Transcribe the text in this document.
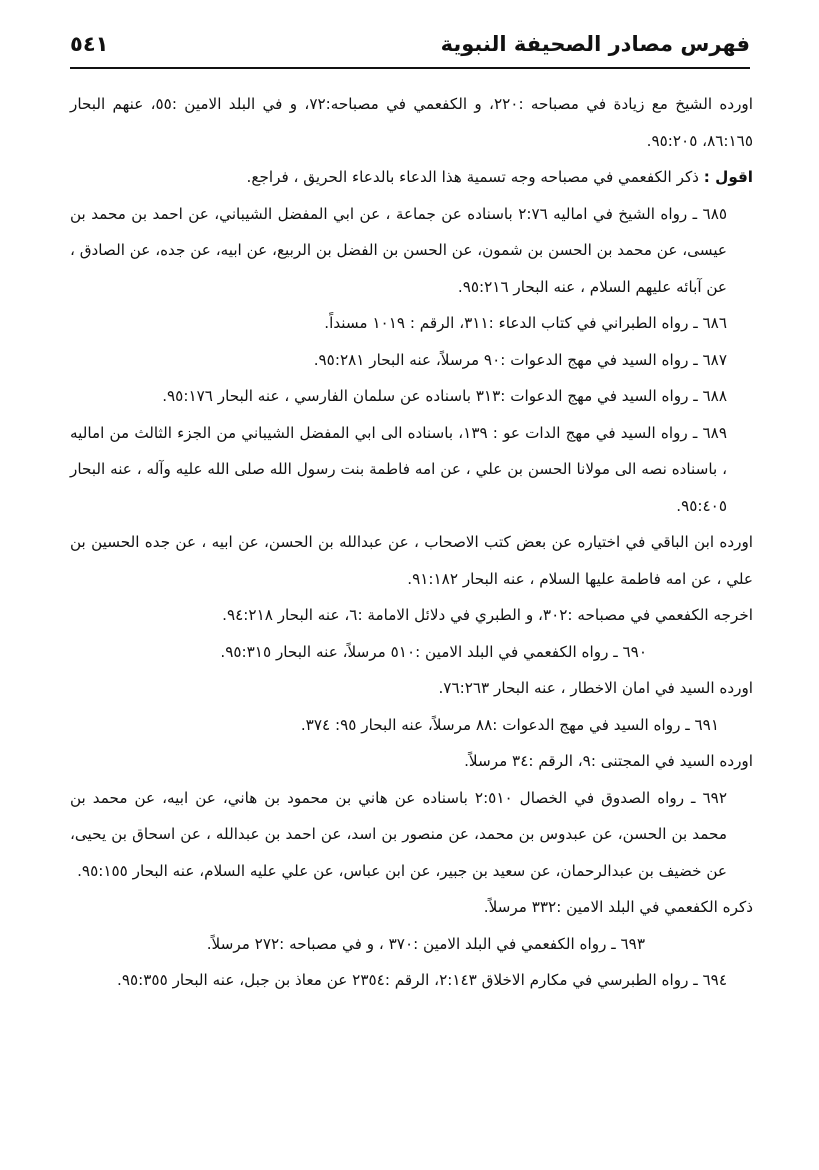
فهرس مصادر الصحيفة النبوية
٥٤١

اورده الشيخ مع زيادة في مصباحه :٢٢٠، و الكفعمي في مصباحه:٧٢، و في البلد الامين :٥٥، عنهم البحار ٨٦:١٦٥، ٩٥:٢٠٥.

اقول : ذكر الكفعمي في مصباحه وجه تسمية هذا الدعاء بالدعاء الحريق ، فراجع.

٦٨٥ ـ رواه الشيخ في اماليه ٢:٧٦ باسناده عن جماعة ، عن ابي المفضل الشيباني، عن احمد بن محمد بن عيسى، عن محمد بن الحسن بن شمون، عن الحسن بن الفضل بن الربيع، عن ابيه، عن جده، عن الصادق ، عن آبائه عليهم السلام ، عنه البحار ٩٥:٢١٦.

٦٨٦ ـ رواه الطبراني في كتاب الدعاء :٣١١، الرقم : ١٠١٩ مسنداً.

٦٨٧ ـ رواه السيد في مهج الدعوات :٩٠ مرسلاً، عنه البحار ٩٥:٢٨١.

٦٨٨ ـ رواه السيد في مهج الدعوات :٣١٣ باسناده عن سلمان الفارسي ، عنه البحار ٩٥:١٧٦.

٦٨٩ ـ رواه السيد في مهج الدات عو : ١٣٩، باسناده الى ابي المفضل الشيباني من الجزء الثالث من اماليه ، باسناده نصه الى مولانا الحسن بن علي ، عن امه فاطمة بنت رسول الله صلى الله عليه وآله ، عنه البحار ٩٥:٤٠٥.

اورده ابن الباقي في اختياره عن بعض كتب الاصحاب ، عن عبدالله بن الحسن، عن ابيه ، عن جده الحسين بن علي ، عن امه فاطمة عليها السلام ، عنه البحار ٩١:١٨٢.

اخرجه الكفعمي في مصباحه :٣٠٢، و الطبري في دلائل الامامة :٦، عنه البحار ٩٤:٢١٨.

٦٩٠ ـ رواه الكفعمي في البلد الامين :٥١٠ مرسلاً، عنه البحار ٩٥:٣١٥.

اورده السيد في امان الاخطار ، عنه البحار ٧٦:٢٦٣.

٦٩١ ـ رواه السيد في مهج الدعوات :٨٨ مرسلاً، عنه البحار ٩٥: ٣٧٤.

اورده السيد في المجتنى :٩، الرقم :٣٤ مرسلاً.

٦٩٢ ـ رواه الصدوق في الخصال ٢:٥١٠ باسناده عن هاني بن محمود بن هاني، عن ابيه، عن محمد بن محمد بن الحسن، عن عبدوس بن محمد، عن منصور بن اسد، عن احمد بن عبدالله ، عن اسحاق بن يحيى، عن خضيف بن عبدالرحمان، عن سعيد بن جبير، عن ابن عباس، عن علي عليه السلام، عنه البحار ٩٥:١٥٥.

ذكره الكفعمي في البلد الامين :٣٣٢ مرسلاً.

٦٩٣ ـ رواه الكفعمي في البلد الامين :٣٧٠ ، و في مصباحه :٢٧٢ مرسلاً.

٦٩٤ ـ رواه الطبرسي في مكارم الاخلاق ٢:١٤٣، الرقم :٢٣٥٤ عن معاذ بن جبل، عنه البحار ٩٥:٣٥٥.
